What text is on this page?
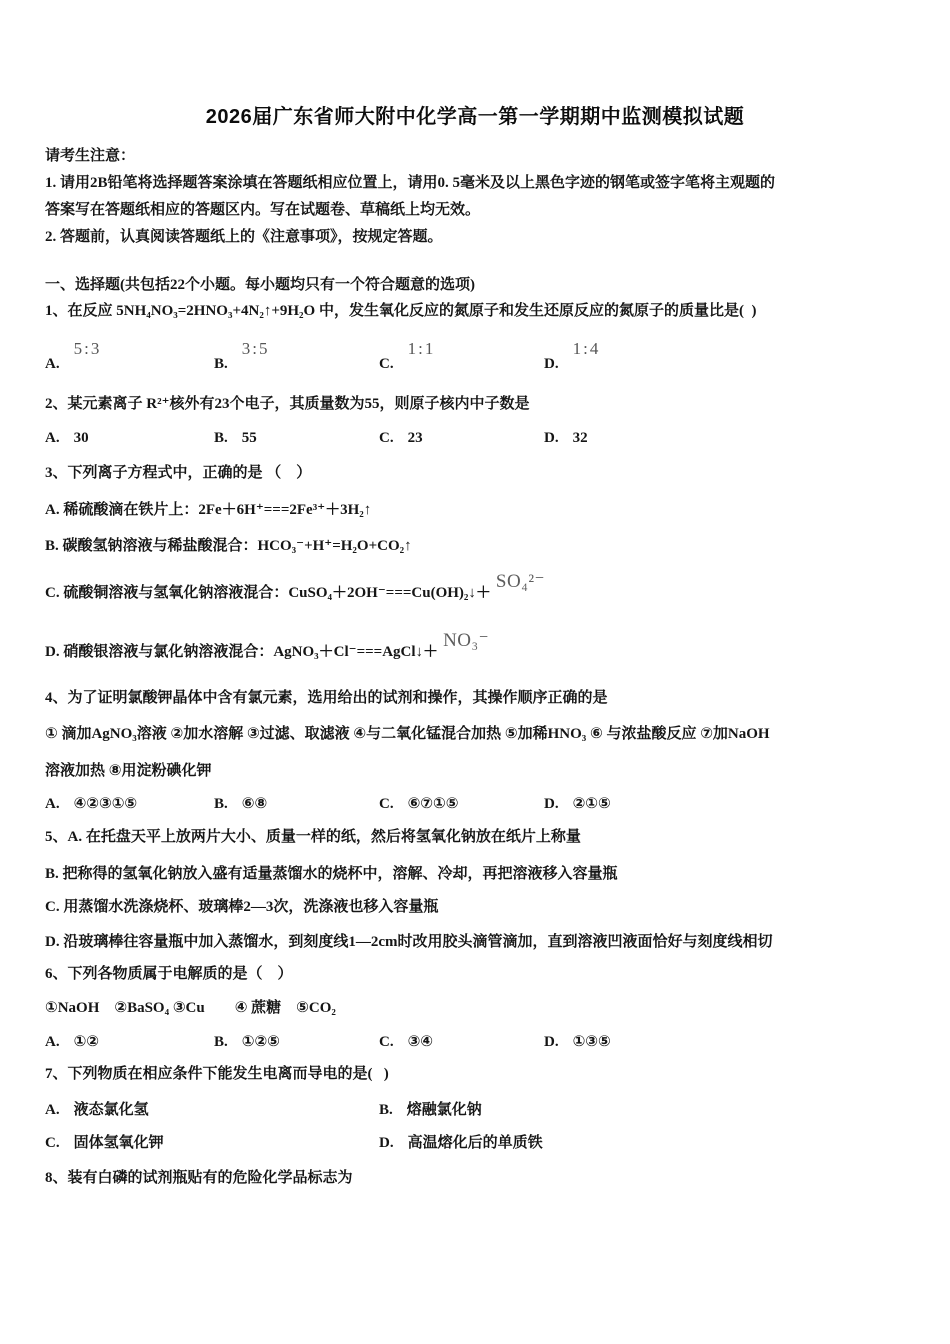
2026届广东省师大附中化学高一第一学期期中监测模拟试题

请考生注意：

1. 请用2B铅笔将选择题答案涂填在答题纸相应位置上，请用0. 5毫米及以上黑色字迹的钢笔或签字笔将主观题的

答案写在答题纸相应的答题区内。写在试题卷、草稿纸上均无效。

2. 答题前，认真阅读答题纸上的《注意事项》，按规定答题。

一、选择题(共包括22个小题。每小题均只有一个符合题意的选项)

1、在反应 5NH₄NO₃=2HNO₃+4N₂↑+9H₂O 中，发生氧化反应的氮原子和发生还原反应的氮原子的质量比是(  )

A.5:3
B.3:5
C.1:1
D.1:4

2、某元素离子 R²⁺核外有23个电子，其质量数为55，则原子核内中子数是

A. 30	B. 55	C. 23	D. 32

3、下列离子方程式中，正确的是 （    ）

A. 稀硫酸滴在铁片上：2Fe＋6H⁺===2Fe³⁺＋3H₂↑

B. 碳酸氢钠溶液与稀盐酸混合：HCO₃⁻+H⁺=H₂O+CO₂↑

C. 硫酸铜溶液与氢氧化钠溶液混合：CuSO₄＋2OH⁻===Cu(OH)₂↓＋SO₄²⁻

D. 硝酸银溶液与氯化钠溶液混合：AgNO₃＋Cl⁻===AgCl↓＋NO₃⁻

4、为了证明氯酸钾晶体中含有氯元素，选用给出的试剂和操作，其操作顺序正确的是

① 滴加AgNO₃溶液 ②加水溶解 ③过滤、取滤液 ④与二氧化锰混合加热 ⑤加稀HNO₃ ⑥ 与浓盐酸反应 ⑦加NaOH

溶液加热 ⑧用淀粉碘化钾

A. ④②③①⑤	B. ⑥⑧	C. ⑥⑦①⑤	D. ②①⑤

5、A. 在托盘天平上放两片大小、质量一样的纸，然后将氢氧化钠放在纸片上称量

B. 把称得的氢氧化钠放入盛有适量蒸馏水的烧杯中，溶解、冷却，再把溶液移入容量瓶

C. 用蒸馏水洗涤烧杯、玻璃棒2—3次，洗涤液也移入容量瓶

D. 沿玻璃棒往容量瓶中加入蒸馏水，到刻度线1—2cm时改用胶头滴管滴加，直到溶液凹液面恰好与刻度线相切

6、下列各物质属于电解质的是（    ）

①NaOH    ②BaSO₄ ③Cu        ④ 蔗糖    ⑤CO₂

A. ①②	B. ①②⑤	C. ③④	D. ①③⑤

7、下列物质在相应条件下能发生电离而导电的是(   )

A. 液态氯化氢	B. 熔融氯化钠
C. 固体氢氧化钾	D. 高温熔化后的单质铁

8、装有白磷的试剂瓶贴有的危险化学品标志为
